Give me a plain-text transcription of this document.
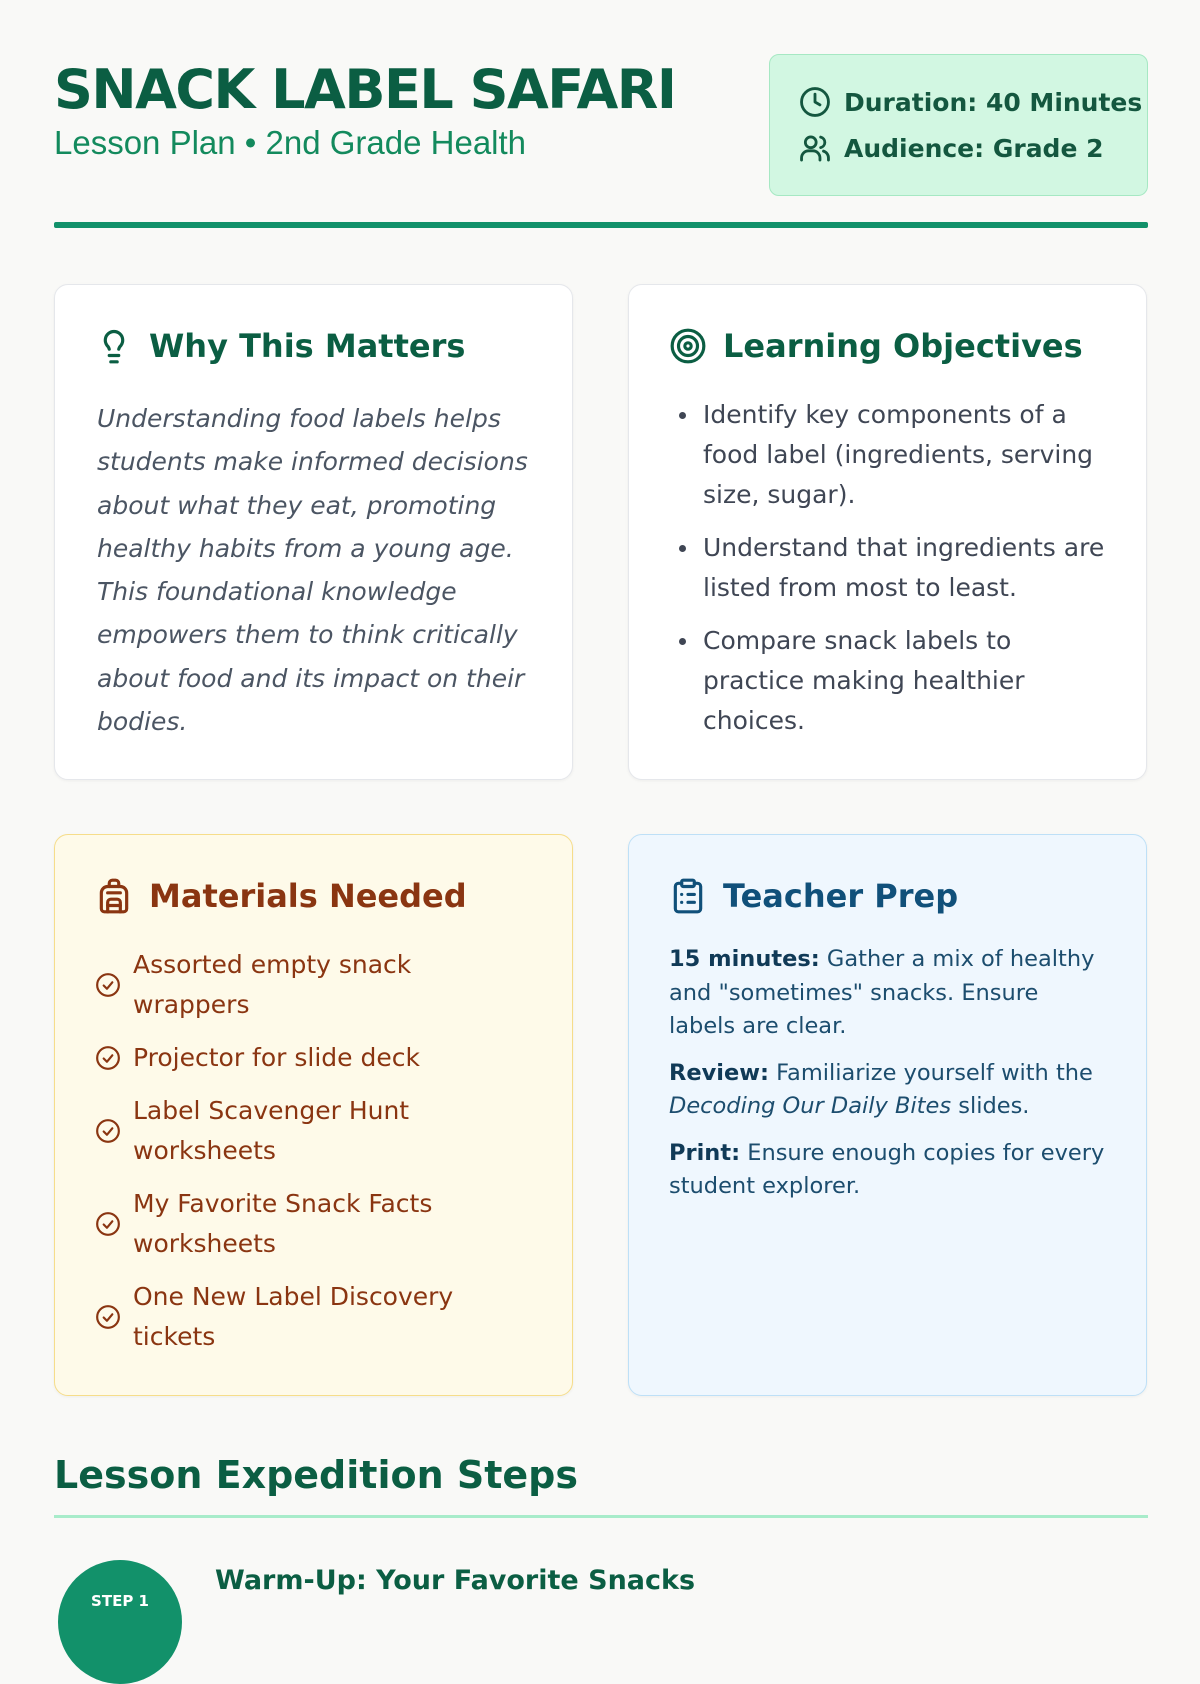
SNACK LABEL SAFARI
Lesson Plan • 2nd Grade Health
Duration: 40 Minutes
Audience: Grade 2
Why This Matters

Understanding food labels helps students make informed decisions about what they eat, promoting healthy habits from a young age. This foundational knowledge empowers them to think critically about food and its impact on their bodies.

Learning Objectives
Identify key components of a food label (ingredients, serving size, sugar).
Understand that ingredients are listed from most to least.
Compare snack labels to practice making healthier choices.
Materials Needed
Assorted empty snack wrappers
Projector for slide deck
Label Scavenger Hunt worksheets
My Favorite Snack Facts worksheets
One New Label Discovery tickets
Teacher Prep

15 minutes: Gather a mix of healthy and "sometimes" snacks. Ensure labels are clear.

Review: Familiarize yourself with the Decoding Our Daily Bites slides.

Print: Ensure enough copies for every student explorer.

Lesson Expedition Steps
STEP 1
Warm-Up: Your Favorite Snacks
